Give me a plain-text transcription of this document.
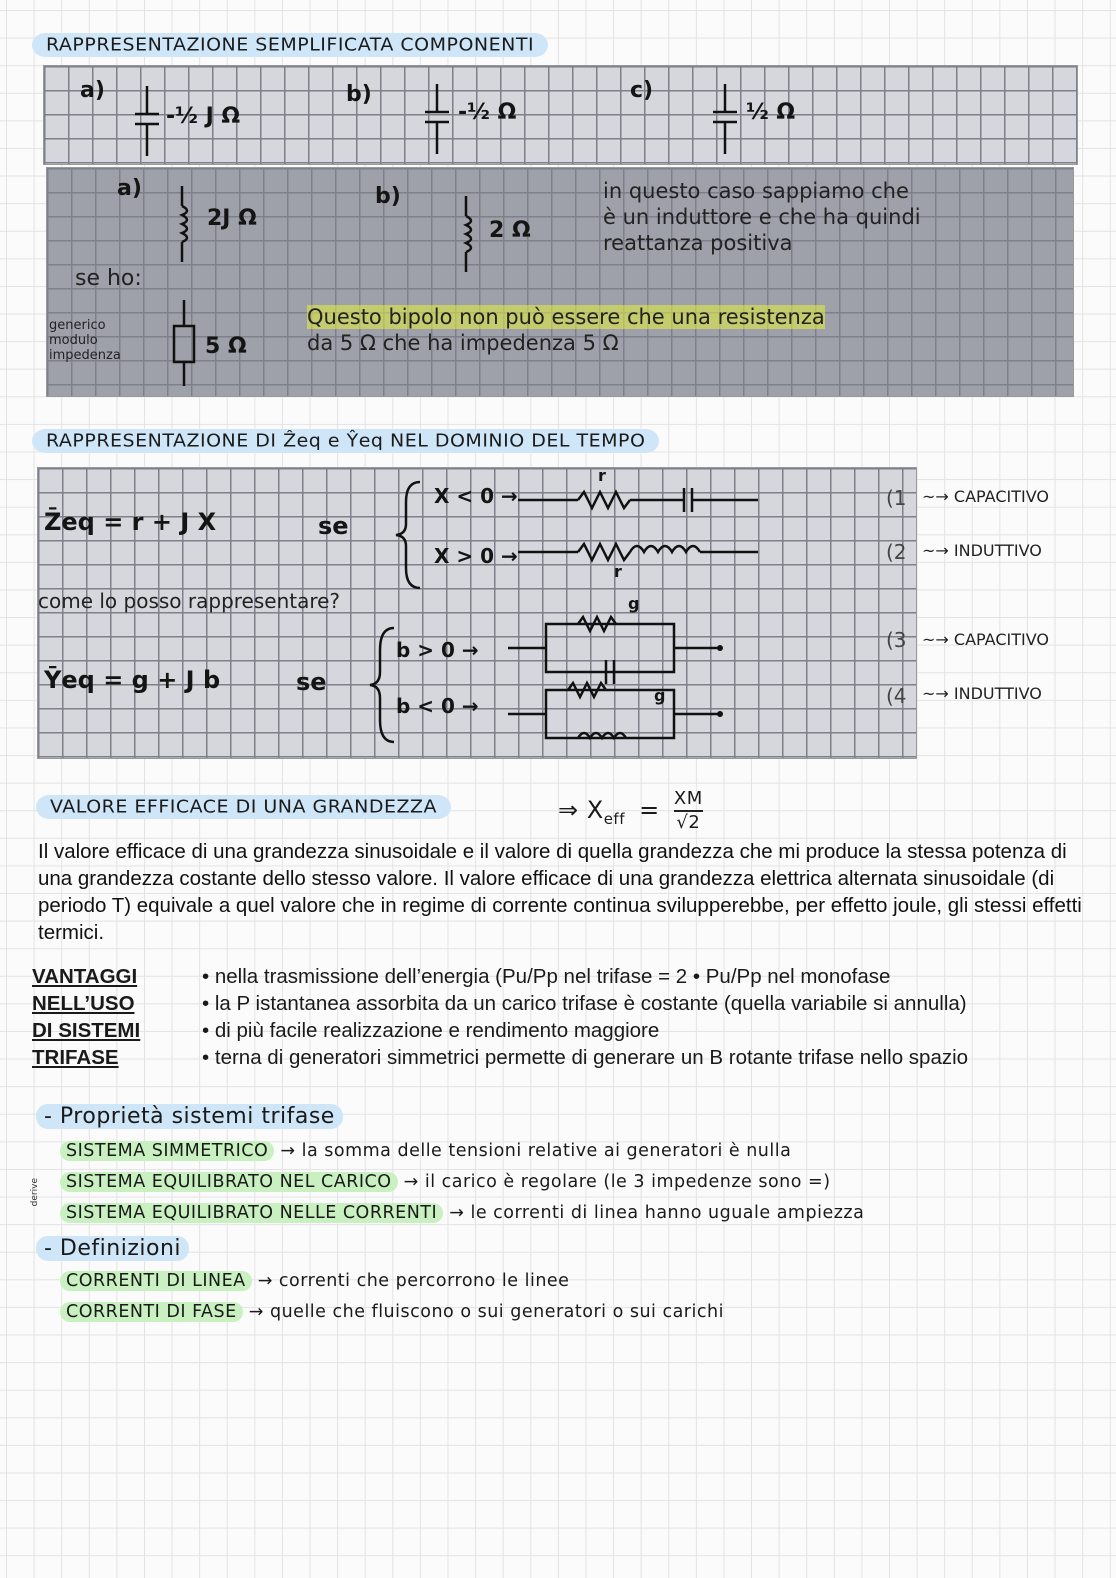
RAPPRESENTAZIONE SEMPLIFICATA COMPONENTI
a)
-½ J Ω
b)
-½ Ω
c)
½ Ω
a)
2J Ω
b)
2 Ω
in questo caso sappiamo che
è un induttore e che ha quindi
reattanza positiva
se ho:
generico
modulo
impedenza	5 Ω
Questo bipolo non può essere che una resistenza
da 5 Ω che ha impedenza 5 Ω
RAPPRESENTAZIONE DI Ẑeq e Ŷeq NEL DOMINIO DEL TEMPO
Z̄eq = r + J X	se
X < 0 →
X > 0 →
r
r
come lo posso rappresentare?
Ȳeq = g + J b	se
b > 0 →
b < 0 →
g
g
(1
(2
(3
(4
~→ CAPACITIVO
~→ INDUTTIVO
~→ CAPACITIVO
~→ INDUTTIVO
VALORE EFFICACE DI UNA GRANDEZZA	⇒ $X_{eff} = \frac{XM}{√2}$
Il valore efficace di una grandezza sinusoidale e il valore di quella grandezza che mi produce la stessa potenza di una grandezza costante dello stesso valore. Il valore efficace di una grandezza elettrica alternata sinusoidale (di periodo T) equivale a quel valore che in regime di corrente continua svilupperebbe, per effetto joule, gli stessi effetti termici.
VANTAGGI
NELL’USO
DI SISTEMI
TRIFASE
• nella trasmissione dell’energia (Pu/Pp nel trifase = 2 • Pu/Pp nel monofase
• la P istantanea assorbita da un carico trifase è costante (quella variabile si annulla)
• di più facile realizzazione e rendimento maggiore
• terna di generatori simmetrici permette di generare un B rotante trifase nello spazio
- Proprietà sistemi trifase
derive
SISTEMA SIMMETRICO → la somma delle tensioni relative ai generatori è nulla
SISTEMA EQUILIBRATO NEL CARICO → il carico è regolare (le 3 impedenze sono =)
SISTEMA EQUILIBRATO NELLE CORRENTI → le correnti di linea hanno uguale ampiezza
- Definizioni
CORRENTI DI LINEA → correnti che percorrono le linee
CORRENTI DI FASE → quelle che fluiscono o sui generatori o sui carichi
